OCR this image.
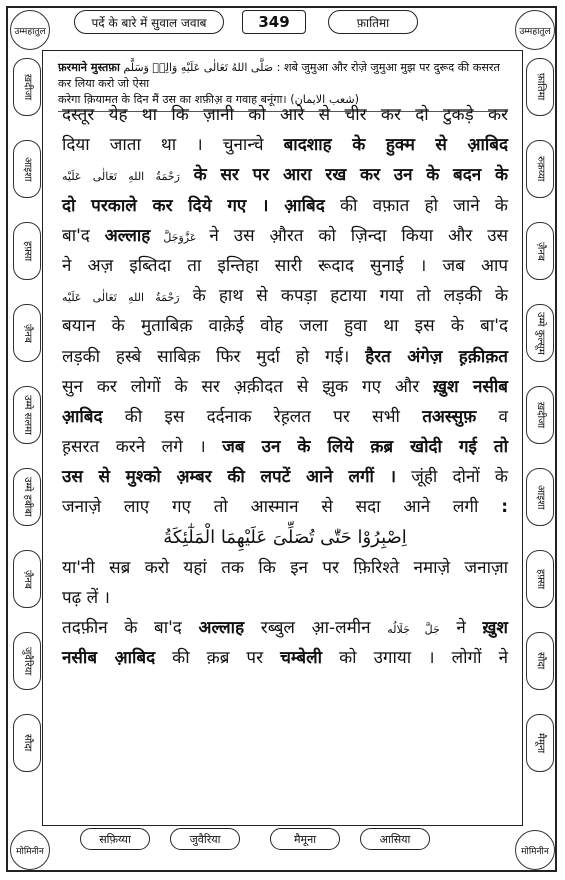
पर्दे के बारे में सुवाल जवाब	349	फ़ातिमा
उम्महातुल	उम्महातुल
मोमिनीन	मोमिनीन
ख़दीजा
आइशा
हफ़्सा
ज़ैनब
उम्मे सलमा
उम्मे हबीबा
ज़ैनब
जुवैरिया
सौदा
फ़ातिमा
रुक़य्या
ज़ैनब
उम्मे कुल्सूम
ख़दीजा
आइशा
हफ़्सा
सौदा
मैमूना
सफ़िय्या	जुवैरिया	मैमूना	आसिया
फ़रमाने मुस्तफ़ा صَلَّی اللهُ تَعَالٰی عَلَیْهِ وَالِهٖ وَسَلَّم : शबे जुमुआ और रोज़े जुमुआ मुझ पर दुरूद की कसरत कर लिया करो जो ऐसा
करेगा क़ियामत के दिन मैं उस का शफ़ीअ़ व गवाह बनूंगा। (شعب الایمان)
दस्तूर येह था कि ज़ानी को आरे से चीर कर दो टुकड़े कर
दिया जाता था । चुनान्चे बादशाह के हुक्म से आ़बिद
رَحْمَةُ اللهِ تَعَالٰی عَلَیْه के सर पर आरा रख कर उन के बदन के
दो परकाले कर दिये गए । आ़बिद की वफ़ात हो जाने के
बा'द अल्लाह عَزَّوَجَلَّ ने उस औ़रत को ज़िन्दा किया और उस
ने अज़ इब्तिदा ता इन्तिहा सारी रूदाद सुनाई । जब आप
رَحْمَةُ اللهِ تَعَالٰی عَلَیْه के हाथ से कपड़ा हटाया गया तो लड़की के
बयान के मुताबिक़ वाक़ेई वोह जला हुवा था इस के बा'द
लड़की हस्बे साबिक़ फिर मुर्दा हो गई। हैरत अंगेज़ ह़क़ीक़त
सुन कर लोगों के सर अ़क़ीदत से झुक गए और ख़ुश नसीब
आ़बिद की इस दर्दनाक रेह़लत पर सभी तअस्सुफ़ व
ह़सरत करने लगे । जब उन के लिये क़ब्र खोदी गई तो
उस से मुश्को अ़म्बर की लपटें आने लगीं । जूंही दोनों के
जनाज़े लाए गए तो आस्मान से सदा आने लगी :
اِصْبِرُوْا حَتّٰی تُصَلِّیَ عَلَیْهِمَا الْمَلٰٓئِکَةُ
या'नी सब्र करो यहां तक कि इन पर फ़िरिश्ते नमाज़े जनाज़ा
पढ़ लें ।
तदफ़ीन के बा'द अल्लाह रब्बुल आ़-लमीन جَلَّ جَلَالُه ने ख़ुश
नसीब आ़बिद की क़ब्र पर चम्बेली को उगाया । लोगों ने
